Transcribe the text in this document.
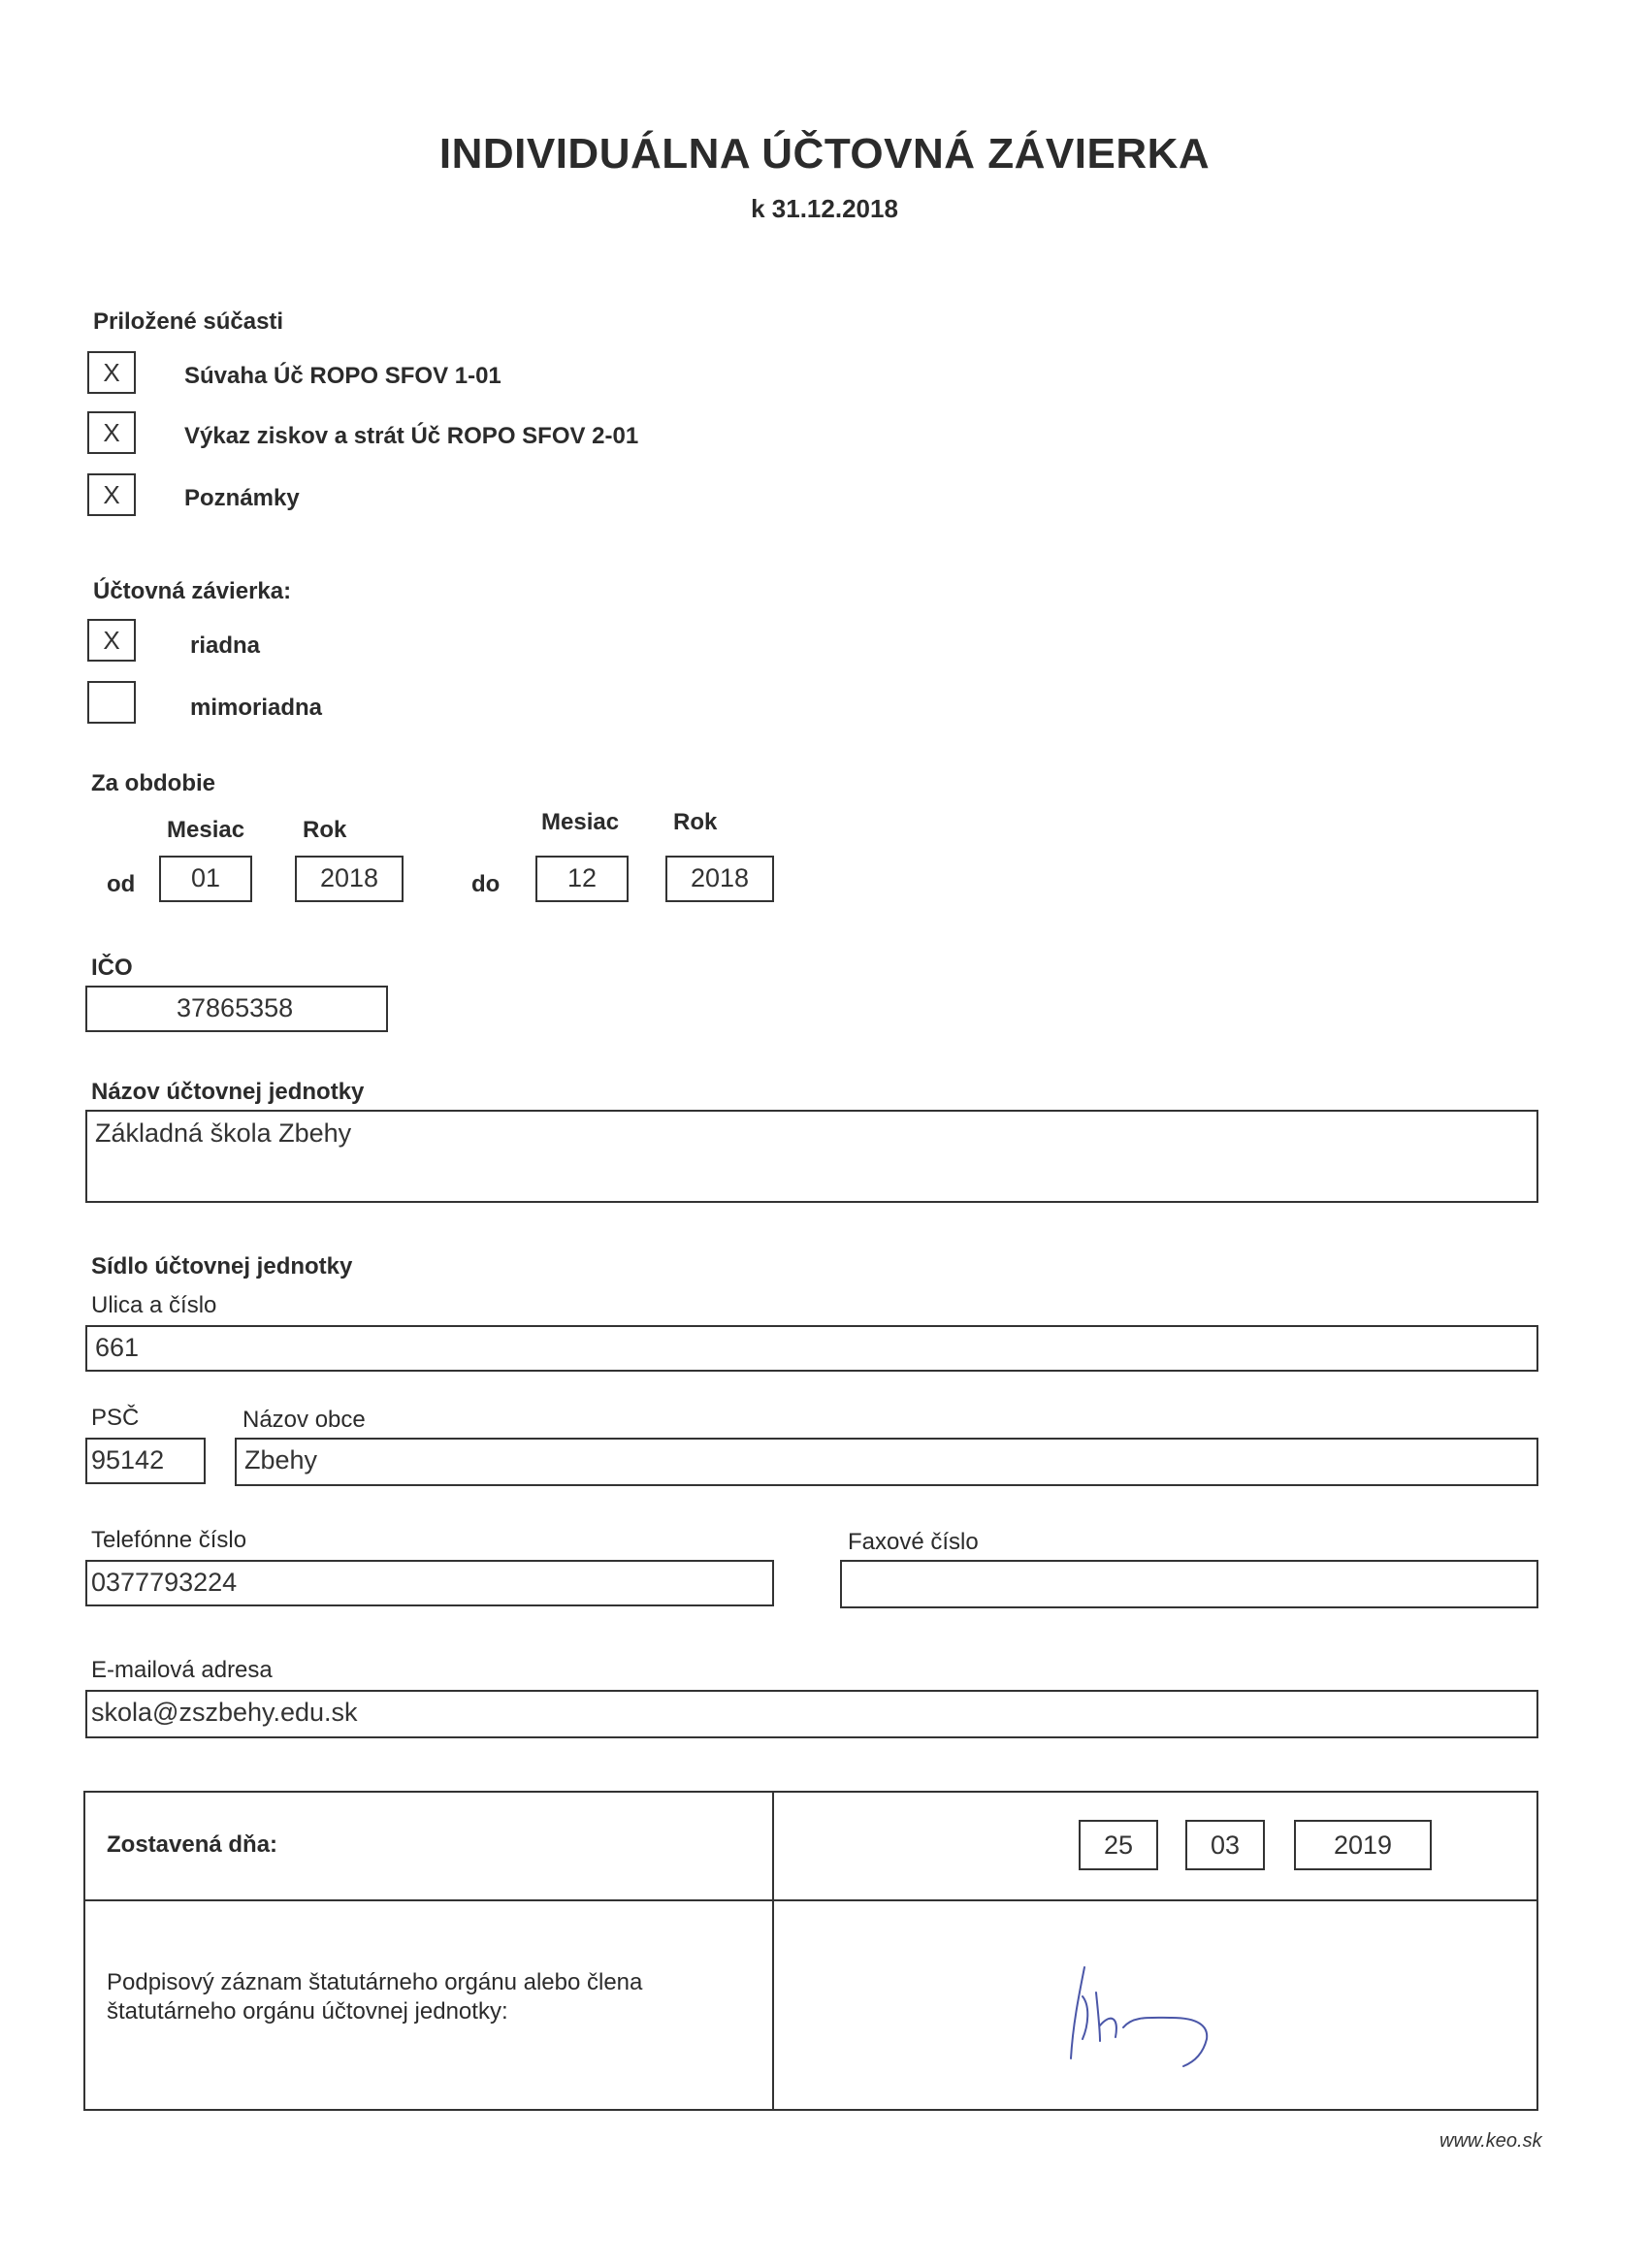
INDIVIDUÁLNA ÚČTOVNÁ ZÁVIERKA
k 31.12.2018
Priložené súčasti
X	Súvaha Úč ROPO SFOV 1-01
X	Výkaz ziskov a strát Úč ROPO SFOV 2-01
X	Poznámky
Účtovná závierka:
X	riadna
mimoriadna
Za obdobie
Mesiac Rok	Mesiac Rok
od	01	2018	do	12	2018
IČO
37865358
Názov účtovnej jednotky
Základná škola Zbehy
Sídlo účtovnej jednotky
Ulica a číslo
661
PSČ	Názov obce
95142	Zbehy
Telefónne číslo
0377793224
Faxové číslo
E-mailová adresa
skola@zszbehy.edu.sk
Zostavená dňa:	25	03	2019
Podpisový záznam štatutárneho orgánu alebo člena
štatutárneho orgánu účtovnej jednotky:
www.keo.sk
